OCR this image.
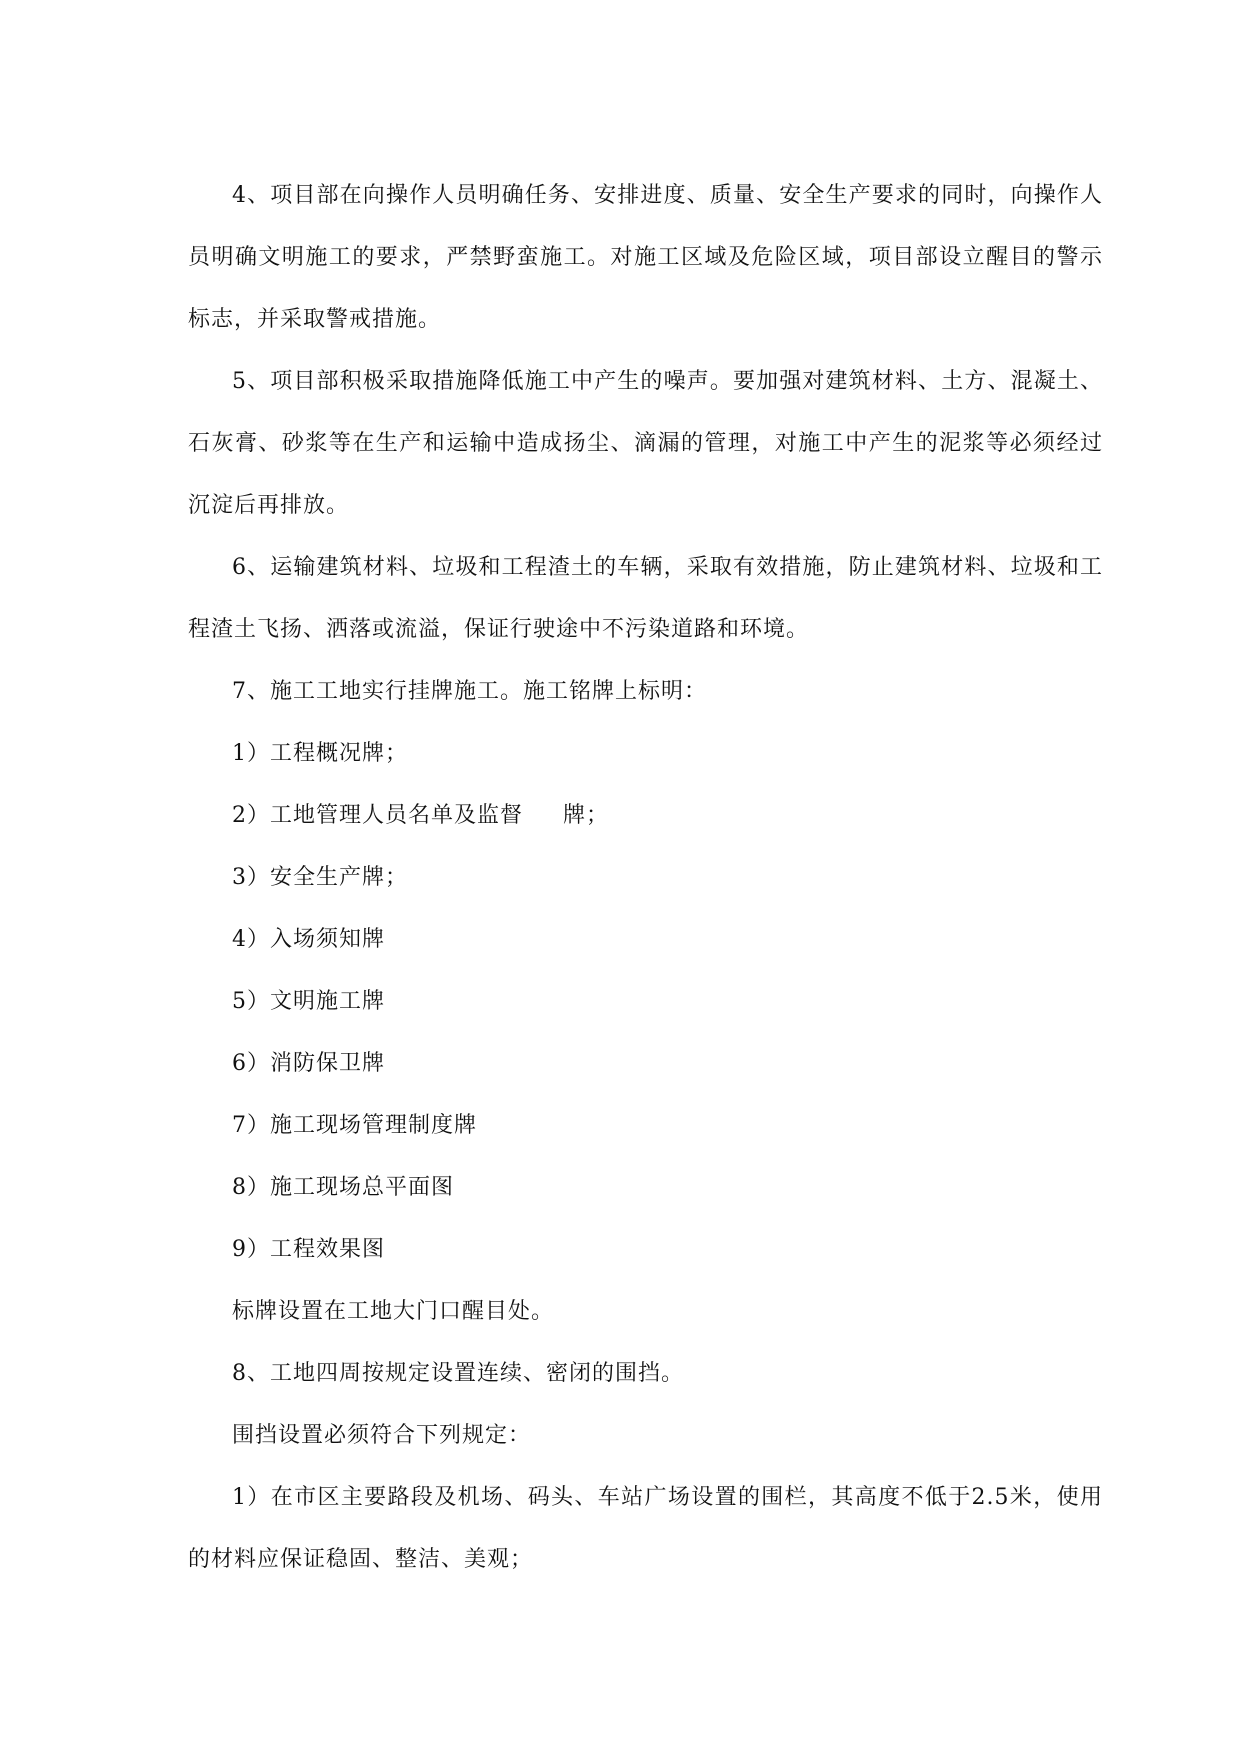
4、项目部在向操作人员明确任务、安排进度、质量、安全生产要求的同时，向操作人员明确文明施工的要求，严禁野蛮施工。对施工区域及危险区域，项目部设立醒目的警示标志，并采取警戒措施。

5、项目部积极采取措施降低施工中产生的噪声。要加强对建筑材料、土方、混凝土、石灰膏、砂浆等在生产和运输中造成扬尘、滴漏的管理，对施工中产生的泥浆等必须经过沉淀后再排放。

6、运输建筑材料、垃圾和工程渣土的车辆，采取有效措施，防止建筑材料、垃圾和工程渣土飞扬、洒落或流溢，保证行驶途中不污染道路和环境。

7、施工工地实行挂牌施工。施工铭牌上标明：

1）工程概况牌；

2）工地管理人员名单及监督 牌；

3）安全生产牌；

4）入场须知牌

5）文明施工牌

6）消防保卫牌

7）施工现场管理制度牌

8）施工现场总平面图

9）工程效果图

标牌设置在工地大门口醒目处。

8、工地四周按规定设置连续、密闭的围挡。

围挡设置必须符合下列规定：

1）在市区主要路段及机场、码头、车站广场设置的围栏，其高度不低于2.5米，使用的材料应保证稳固、整洁、美观；
